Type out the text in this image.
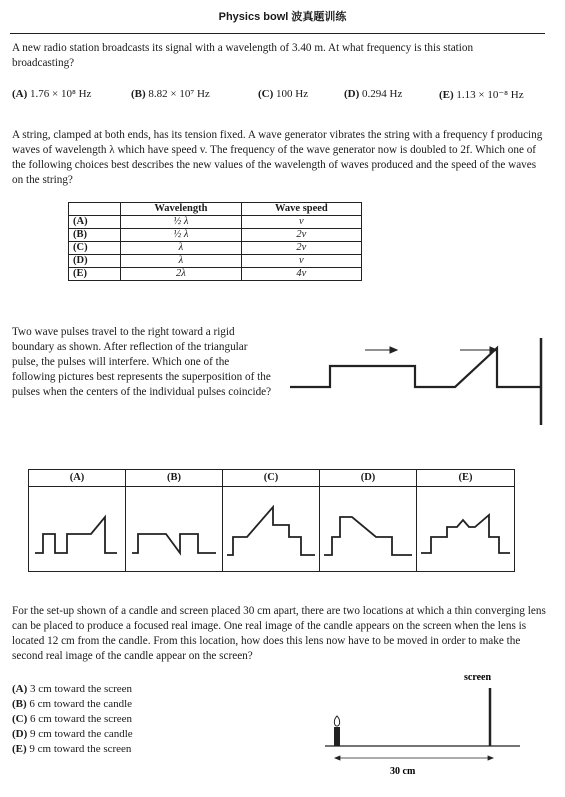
Physics bowl 波真题训练
A new radio station broadcasts its signal with a wavelength of 3.40 m. At what frequency is this station broadcasting?
(A) 1.76 × 10⁸ Hz	(B) 8.82 × 10⁷ Hz	(C) 100 Hz	(D) 0.294 Hz	(E) 1.13 × 10⁻⁸ Hz
A string, clamped at both ends, has its tension fixed. A wave generator vibrates the string with a frequency f producing waves of wavelength λ which have speed v. The frequency of the wave generator now is doubled to 2f. Which one of the following choices best describes the new values of the wavelength of waves produced and the speed of the waves on the string?
	Wavelength	Wave speed
(A)	½ λ	v
(B)	½ λ	2v
(C)	λ	2v
(D)	λ	v
(E)	2λ	4v
Two wave pulses travel to the right toward a rigid boundary as shown. After reflection of the triangular pulse, the pulses will interfere. Which one of the following pictures best represents the superposition of the pulses when the centers of the individual pulses coincide?
(A)	(B)	(C)	(D)	(E)
For the set-up shown of a candle and screen placed 30 cm apart, there are two locations at which a thin converging lens can be placed to produce a focused real image. One real image of the candle appears on the screen when the lens is located 12 cm from the candle. From this location, how does this lens now have to be moved in order to make the second real image of the candle appear on the screen?
(A) 3 cm toward the screen
(B) 6 cm toward the candle
(C) 6 cm toward the screen
(D) 9 cm toward the candle
(E) 9 cm toward the screen
screen
30 cm
